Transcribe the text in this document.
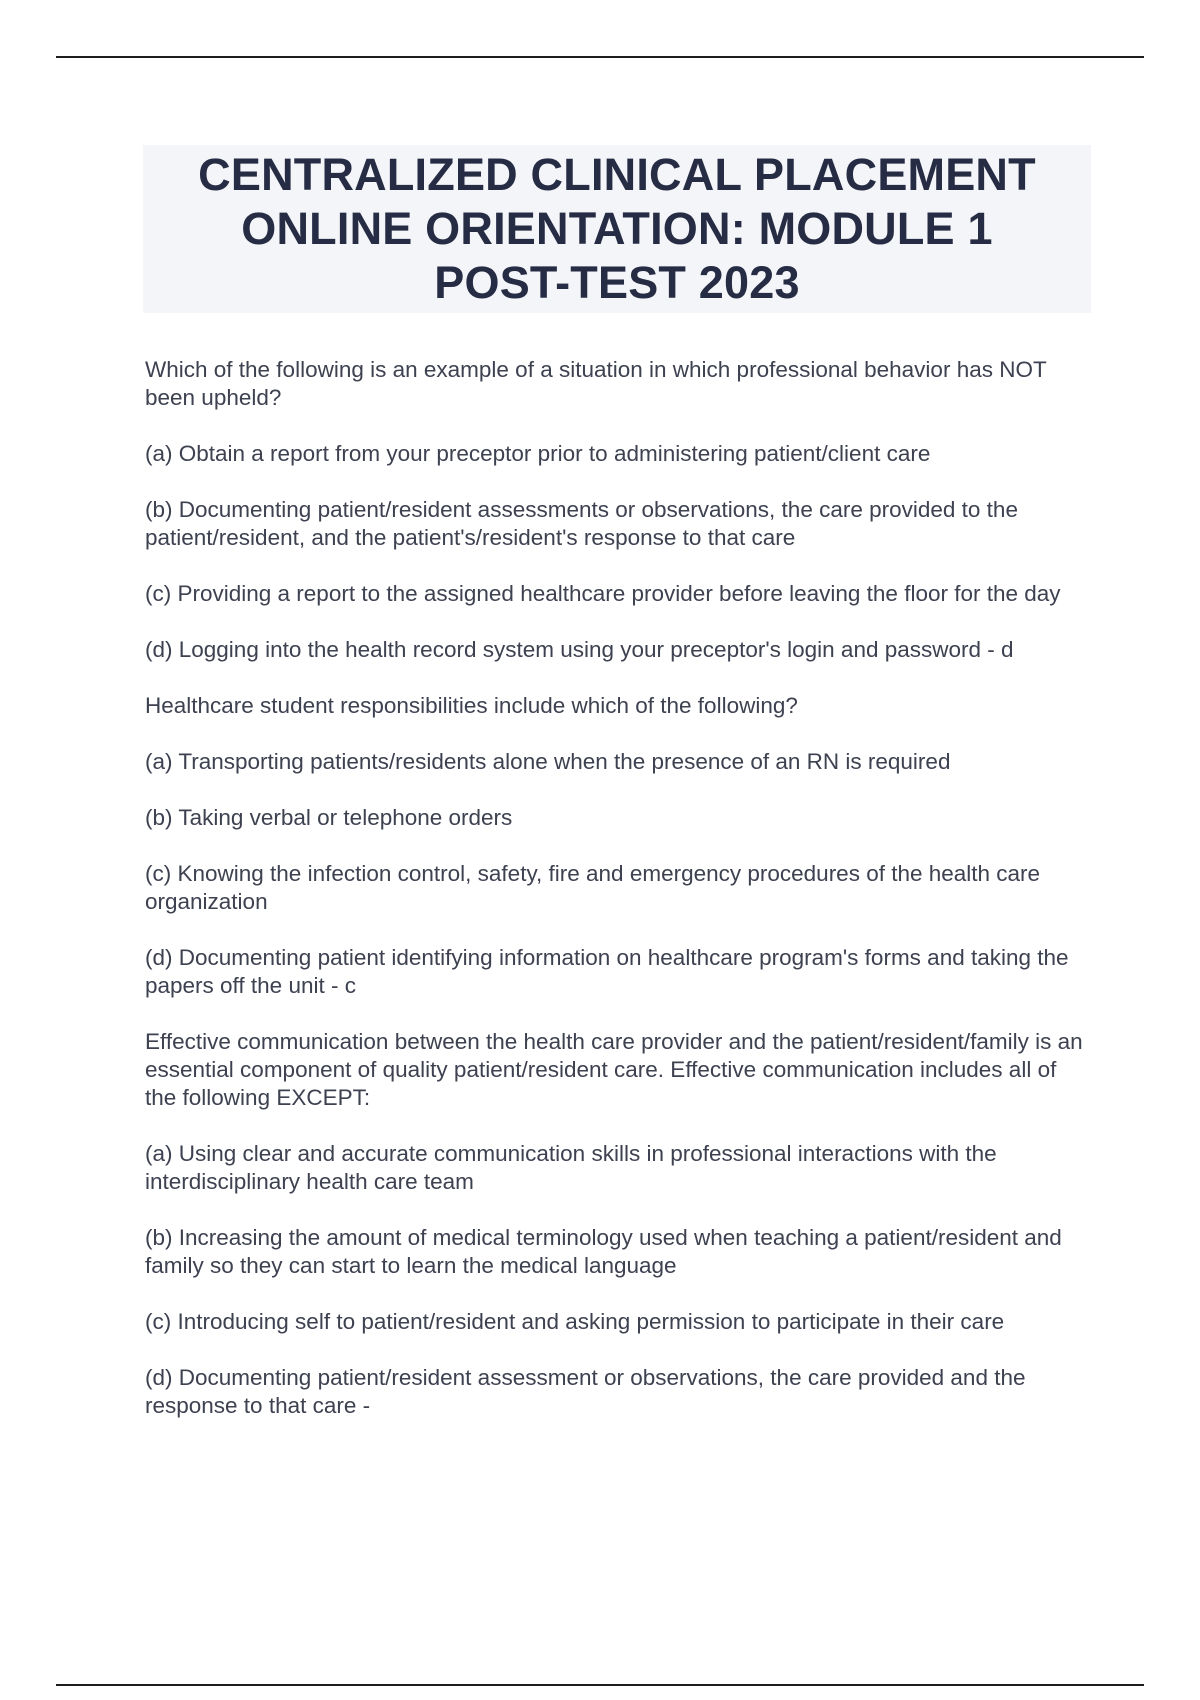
CENTRALIZED CLINICAL PLACEMENT
ONLINE ORIENTATION: MODULE 1
POST-TEST 2023

Which of the following is an example of a situation in which professional behavior has NOT been upheld?

(a) Obtain a report from your preceptor prior to administering patient/client care

(b) Documenting patient/resident assessments or observations, the care provided to the patient/resident, and the patient's/resident's response to that care

(c) Providing a report to the assigned healthcare provider before leaving the floor for the day

(d) Logging into the health record system using your preceptor's login and password - d

Healthcare student responsibilities include which of the following?

(a) Transporting patients/residents alone when the presence of an RN is required

(b) Taking verbal or telephone orders

(c) Knowing the infection control, safety, fire and emergency procedures of the health care organization

(d) Documenting patient identifying information on healthcare program's forms and taking the papers off the unit - c

Effective communication between the health care provider and the patient/resident/family is an essential component of quality patient/resident care. Effective communication includes all of the following EXCEPT:

(a) Using clear and accurate communication skills in professional interactions with the interdisciplinary health care team

(b) Increasing the amount of medical terminology used when teaching a patient/resident and family so they can start to learn the medical language

(c) Introducing self to patient/resident and asking permission to participate in their care

(d) Documenting patient/resident assessment or observations, the care provided and the response to that care -
